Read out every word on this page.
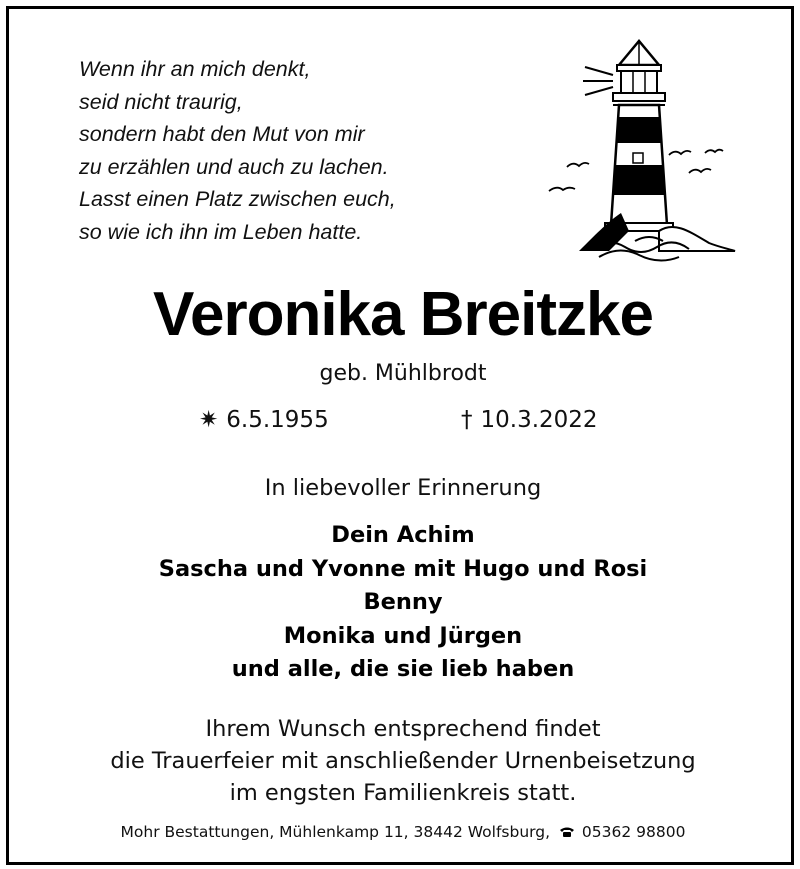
Wenn ihr an mich denkt,
seid nicht traurig,
sondern habt den Mut von mir
zu erzählen und auch zu lachen.
Lasst einen Platz zwischen euch,
so wie ich ihn im Leben hatte.
Veronika Breitzke
geb. Mühlbrodt
✷ 6.5.1955	† 10.3.2022
In liebevoller Erinnerung
Dein Achim
Sascha und Yvonne mit Hugo und Rosi
Benny
Monika und Jürgen
und alle, die sie lieb haben
Ihrem Wunsch entsprechend findet
die Trauerfeier mit anschließender Urnenbeisetzung
im engsten Familienkreis statt.
Mohr Bestattungen, Mühlenkamp 11, 38442 Wolfsburg, 05362 98800
